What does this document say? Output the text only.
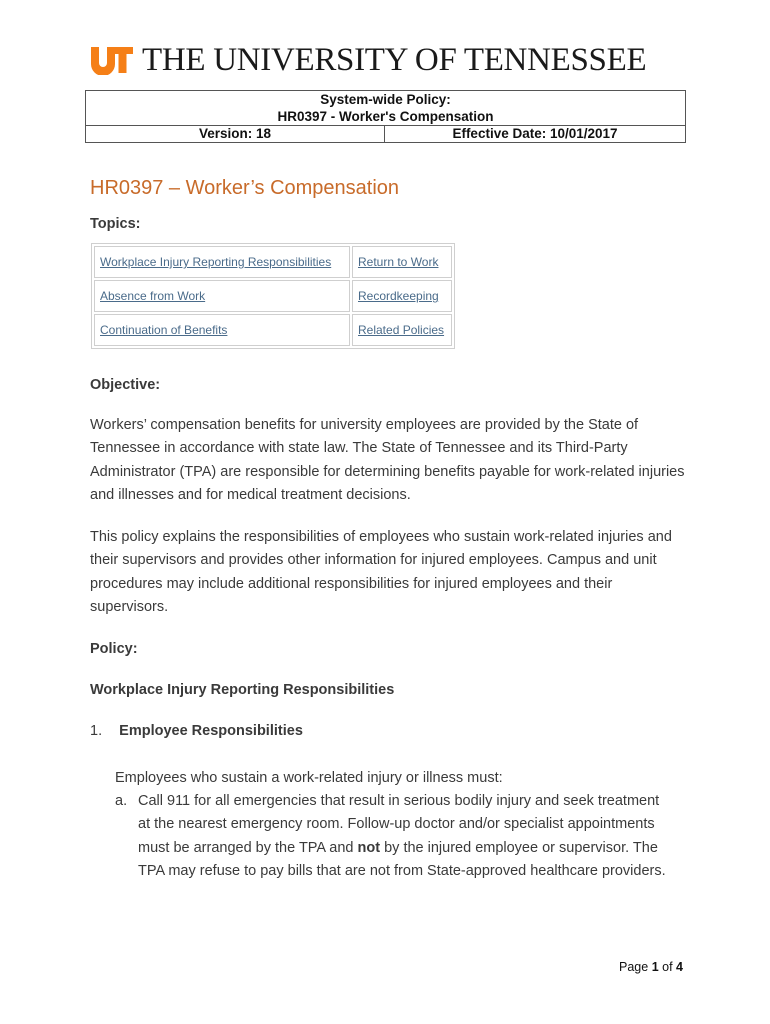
THE UNIVERSITY OF TENNESSEE
System-wide Policy:
HR0397 - Worker's Compensation
Version: 18	Effective Date: 10/01/2017
HR0397 – Worker’s Compensation
Topics:
Workplace Injury Reporting Responsibilities	Return to Work
Absence from Work	Recordkeeping
Continuation of Benefits	Related Policies
Objective:
Workers’ compensation benefits for university employees are provided by the State of Tennessee in accordance with state law. The State of Tennessee and its Third-Party Administrator (TPA) are responsible for determining benefits payable for work-related injuries and illnesses and for medical treatment decisions.
This policy explains the responsibilities of employees who sustain work-related injuries and their supervisors and provides other information for injured employees. Campus and unit procedures may include additional responsibilities for injured employees and their supervisors.
Policy:
Workplace Injury Reporting Responsibilities
1. Employee Responsibilities
Employees who sustain a work-related injury or illness must:
a. Call 911 for all emergencies that result in serious bodily injury and seek treatment at the nearest emergency room. Follow-up doctor and/or specialist appointments must be arranged by the TPA and not by the injured employee or supervisor. The TPA may refuse to pay bills that are not from State-approved healthcare providers.
Page 1 of 4
